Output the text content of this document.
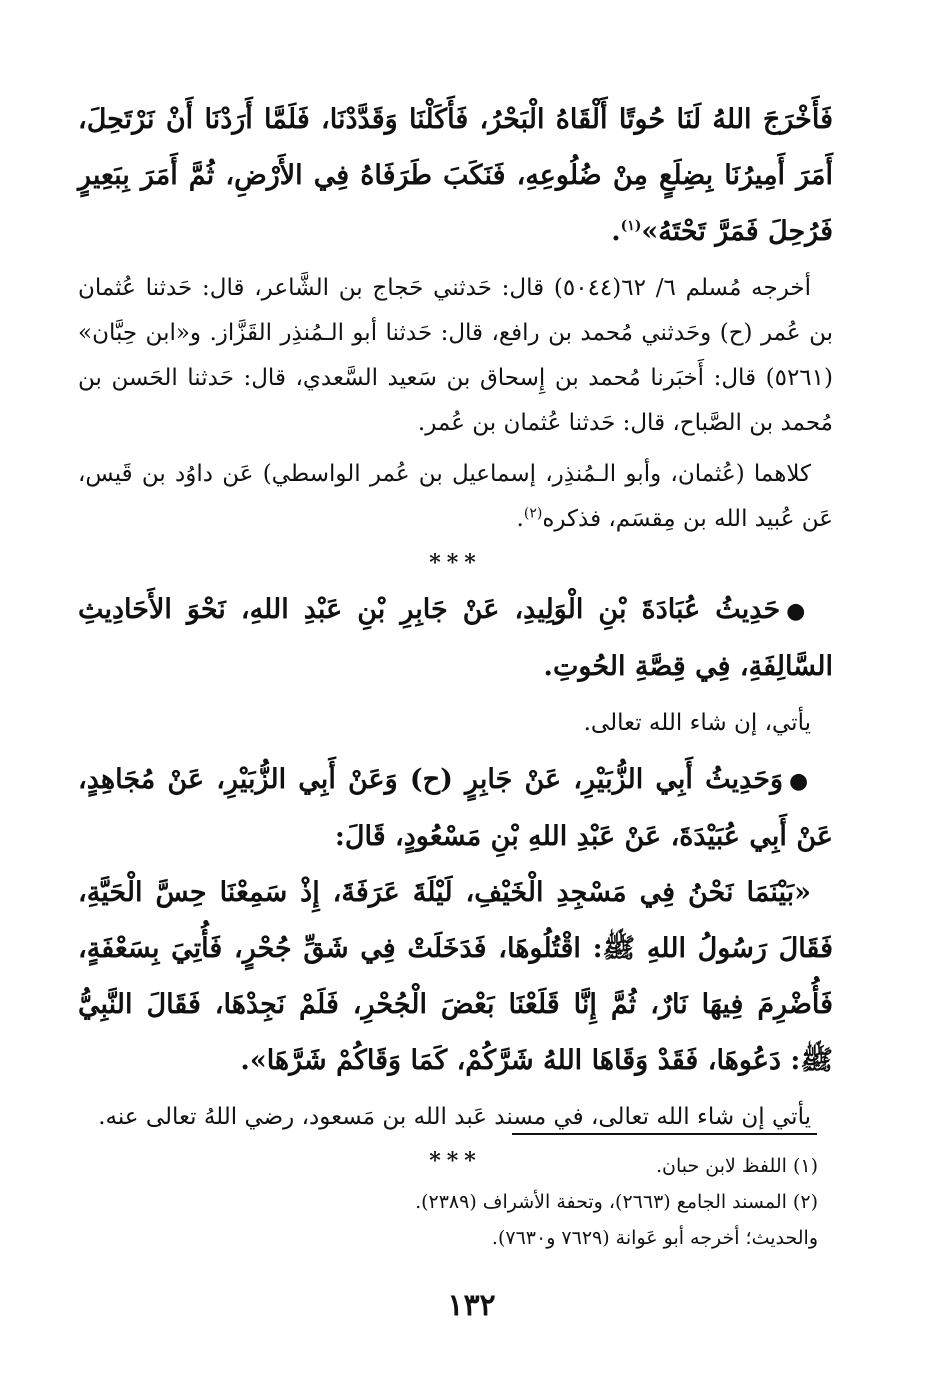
فَأَخْرَجَ اللهُ لَنَا حُوتًا أَلْقَاهُ الْبَحْرُ، فَأَكَلْنَا وَقَدَّدْنَا، فَلَمَّا أَرَدْنَا أَنْ نَرْتَحِلَ، أَمَرَ أَمِيرُنَا بِضِلَعٍ مِنْ ضُلُوعِهِ، فَنَكَبَ طَرَفَاهُ فِي الأَرْضِ، ثُمَّ أَمَرَ بِبَعِيرٍ فَرُحِلَ فَمَرَّ تَحْتَهُ»$^{(١)}$.

أخرجه مُسلم ٦/ ٦٢(٥٠٤٤) قال: حَدثني حَجاج بن الشَّاعر، قال: حَدثنا عُثمان بن عُمر (ح) وحَدثني مُحمد بن رافع، قال: حَدثنا أبو الـمُنذِر القَزَّاز. و«ابن حِبَّان» (٥٢٦١) قال: أَخبَرنا مُحمد بن إِسحاق بن سَعيد السَّعدي، قال: حَدثنا الحَسن بن مُحمد بن الصَّباح، قال: حَدثنا عُثمان بن عُمر.

كلاهما (عُثمان، وأبو الـمُنذِر، إسماعيل بن عُمر الواسطي) عَن داوُد بن قَيس، عَن عُبيد الله بن مِقسَم، فذكره$^{(٢)}$.

***

●حَدِيثُ عُبَادَةَ بْنِ الْوَلِيدِ، عَنْ جَابِرِ بْنِ عَبْدِ اللهِ، نَحْوَ الأَحَادِيثِ السَّالِفَةِ، فِي قِصَّةِ الحُوتِ.

يأتي، إن شاء الله تعالى.

●وَحَدِيثُ أَبِي الزُّبَيْرِ، عَنْ جَابِرٍ (ح) وَعَنْ أَبِي الزُّبَيْرِ، عَنْ مُجَاهِدٍ، عَنْ أَبِي عُبَيْدَةَ، عَنْ عَبْدِ اللهِ بْنِ مَسْعُودٍ، قَالَ:

«بَيْنَمَا نَحْنُ فِي مَسْجِدِ الْخَيْفِ، لَيْلَةَ عَرَفَةَ، إِذْ سَمِعْنَا حِسَّ الْحَيَّةِ، فَقَالَ رَسُولُ اللهِ ﷺ: اقْتُلُوهَا، فَدَخَلَتْ فِي شَقِّ جُحْرٍ، فَأُتِيَ بِسَعْفَةٍ، فَأُضْرِمَ فِيهَا نَارٌ، ثُمَّ إِنَّا قَلَعْنَا بَعْضَ الْجُحْرِ، فَلَمْ نَجِدْهَا، فَقَالَ النَّبِيُّ ﷺ: دَعُوهَا، فَقَدْ وَقَاهَا اللهُ شَرَّكُمْ، كَمَا وَقَاكُمْ شَرَّهَا».

يأتي إن شاء الله تعالى، في مسند عَبد الله بن مَسعود، رضي اللهُ تعالى عنه.

***	(١) اللفظ لابن حبان.

(٢) المسند الجامع (٢٦٦٣)، وتحفة الأشراف (٢٣٨٩).

والحديث؛ أخرجه أبو عَوانة (٧٦٢٩ و٧٦٣٠).

١٣٢
